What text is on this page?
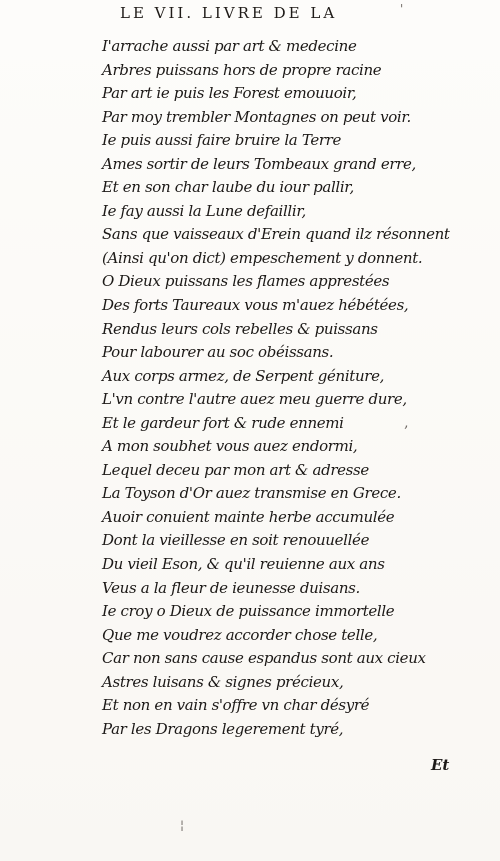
LE VII. LIVRE DE LA
I'arrache aussi par art & medecine
Arbres puissans hors de propre racine
Par art ie puis les Forest emouuoir,
Par moy trembler Montagnes on peut voir.
Ie puis aussi faire bruire la Terre
Ames sortir de leurs Tombeaux grand erre,
Et en son char laube du iour pallir,
Ie fay aussi la Lune defaillir,
Sans que vaisseaux d'Erein quand ilz résonnent
(Ainsi qu'on dict) empeschement y donnent.
O Dieux puissans les flames apprestées
Des forts Taureaux vous m'auez hébétées,
Rendus leurs cols rebelles & puissans
Pour labourer au soc obéissans.
Aux corps armez, de Serpent géniture,
L'vn contre l'autre auez meu guerre dure,
Et le gardeur fort & rude ennemi
A mon soubhet vous auez endormi,
Lequel deceu par mon art & adresse
La Toyson d'Or auez transmise en Grece.
Auoir conuient mainte herbe accumulée
Dont la vieillesse en soit renouuellée
Du vieil Eson, & qu'il reuienne aux ans
Veus a la fleur de ieunesse duisans.
Ie croy o Dieux de puissance immortelle
Que me voudrez accorder chose telle,
Car non sans cause espandus sont aux cieux
Astres luisans & signes précieux,
Et non en vain s'offre vn char désyré
Par les Dragons legerement tyré,
Et
'
‚
¦
